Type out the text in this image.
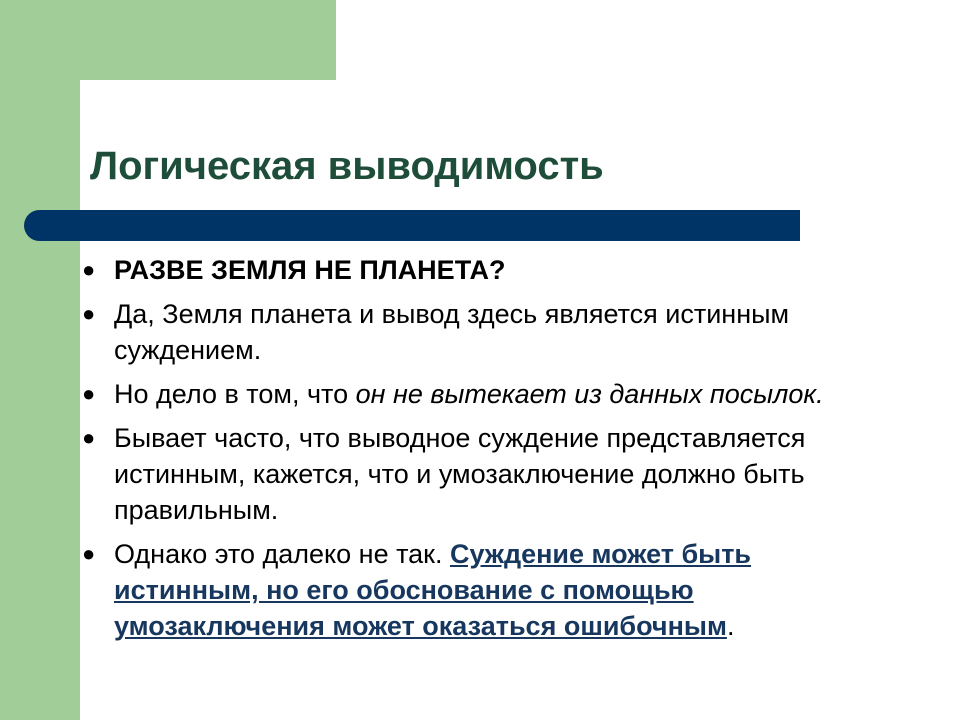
Логическая выводимость
● РАЗВЕ ЗЕМЛЯ НЕ ПЛАНЕТА?
● Да, Земля планета и вывод здесь является истинным суждением.
● Но дело в том, что он не вытекает из данных посылок.
● Бывает часто, что выводное суждение представляется истинным, кажется, что и умозаключение должно быть правильным.
● Однако это далеко не так. Суждение может быть истинным, но его обоснование с помощью умозаключения может оказаться ошибочным.
